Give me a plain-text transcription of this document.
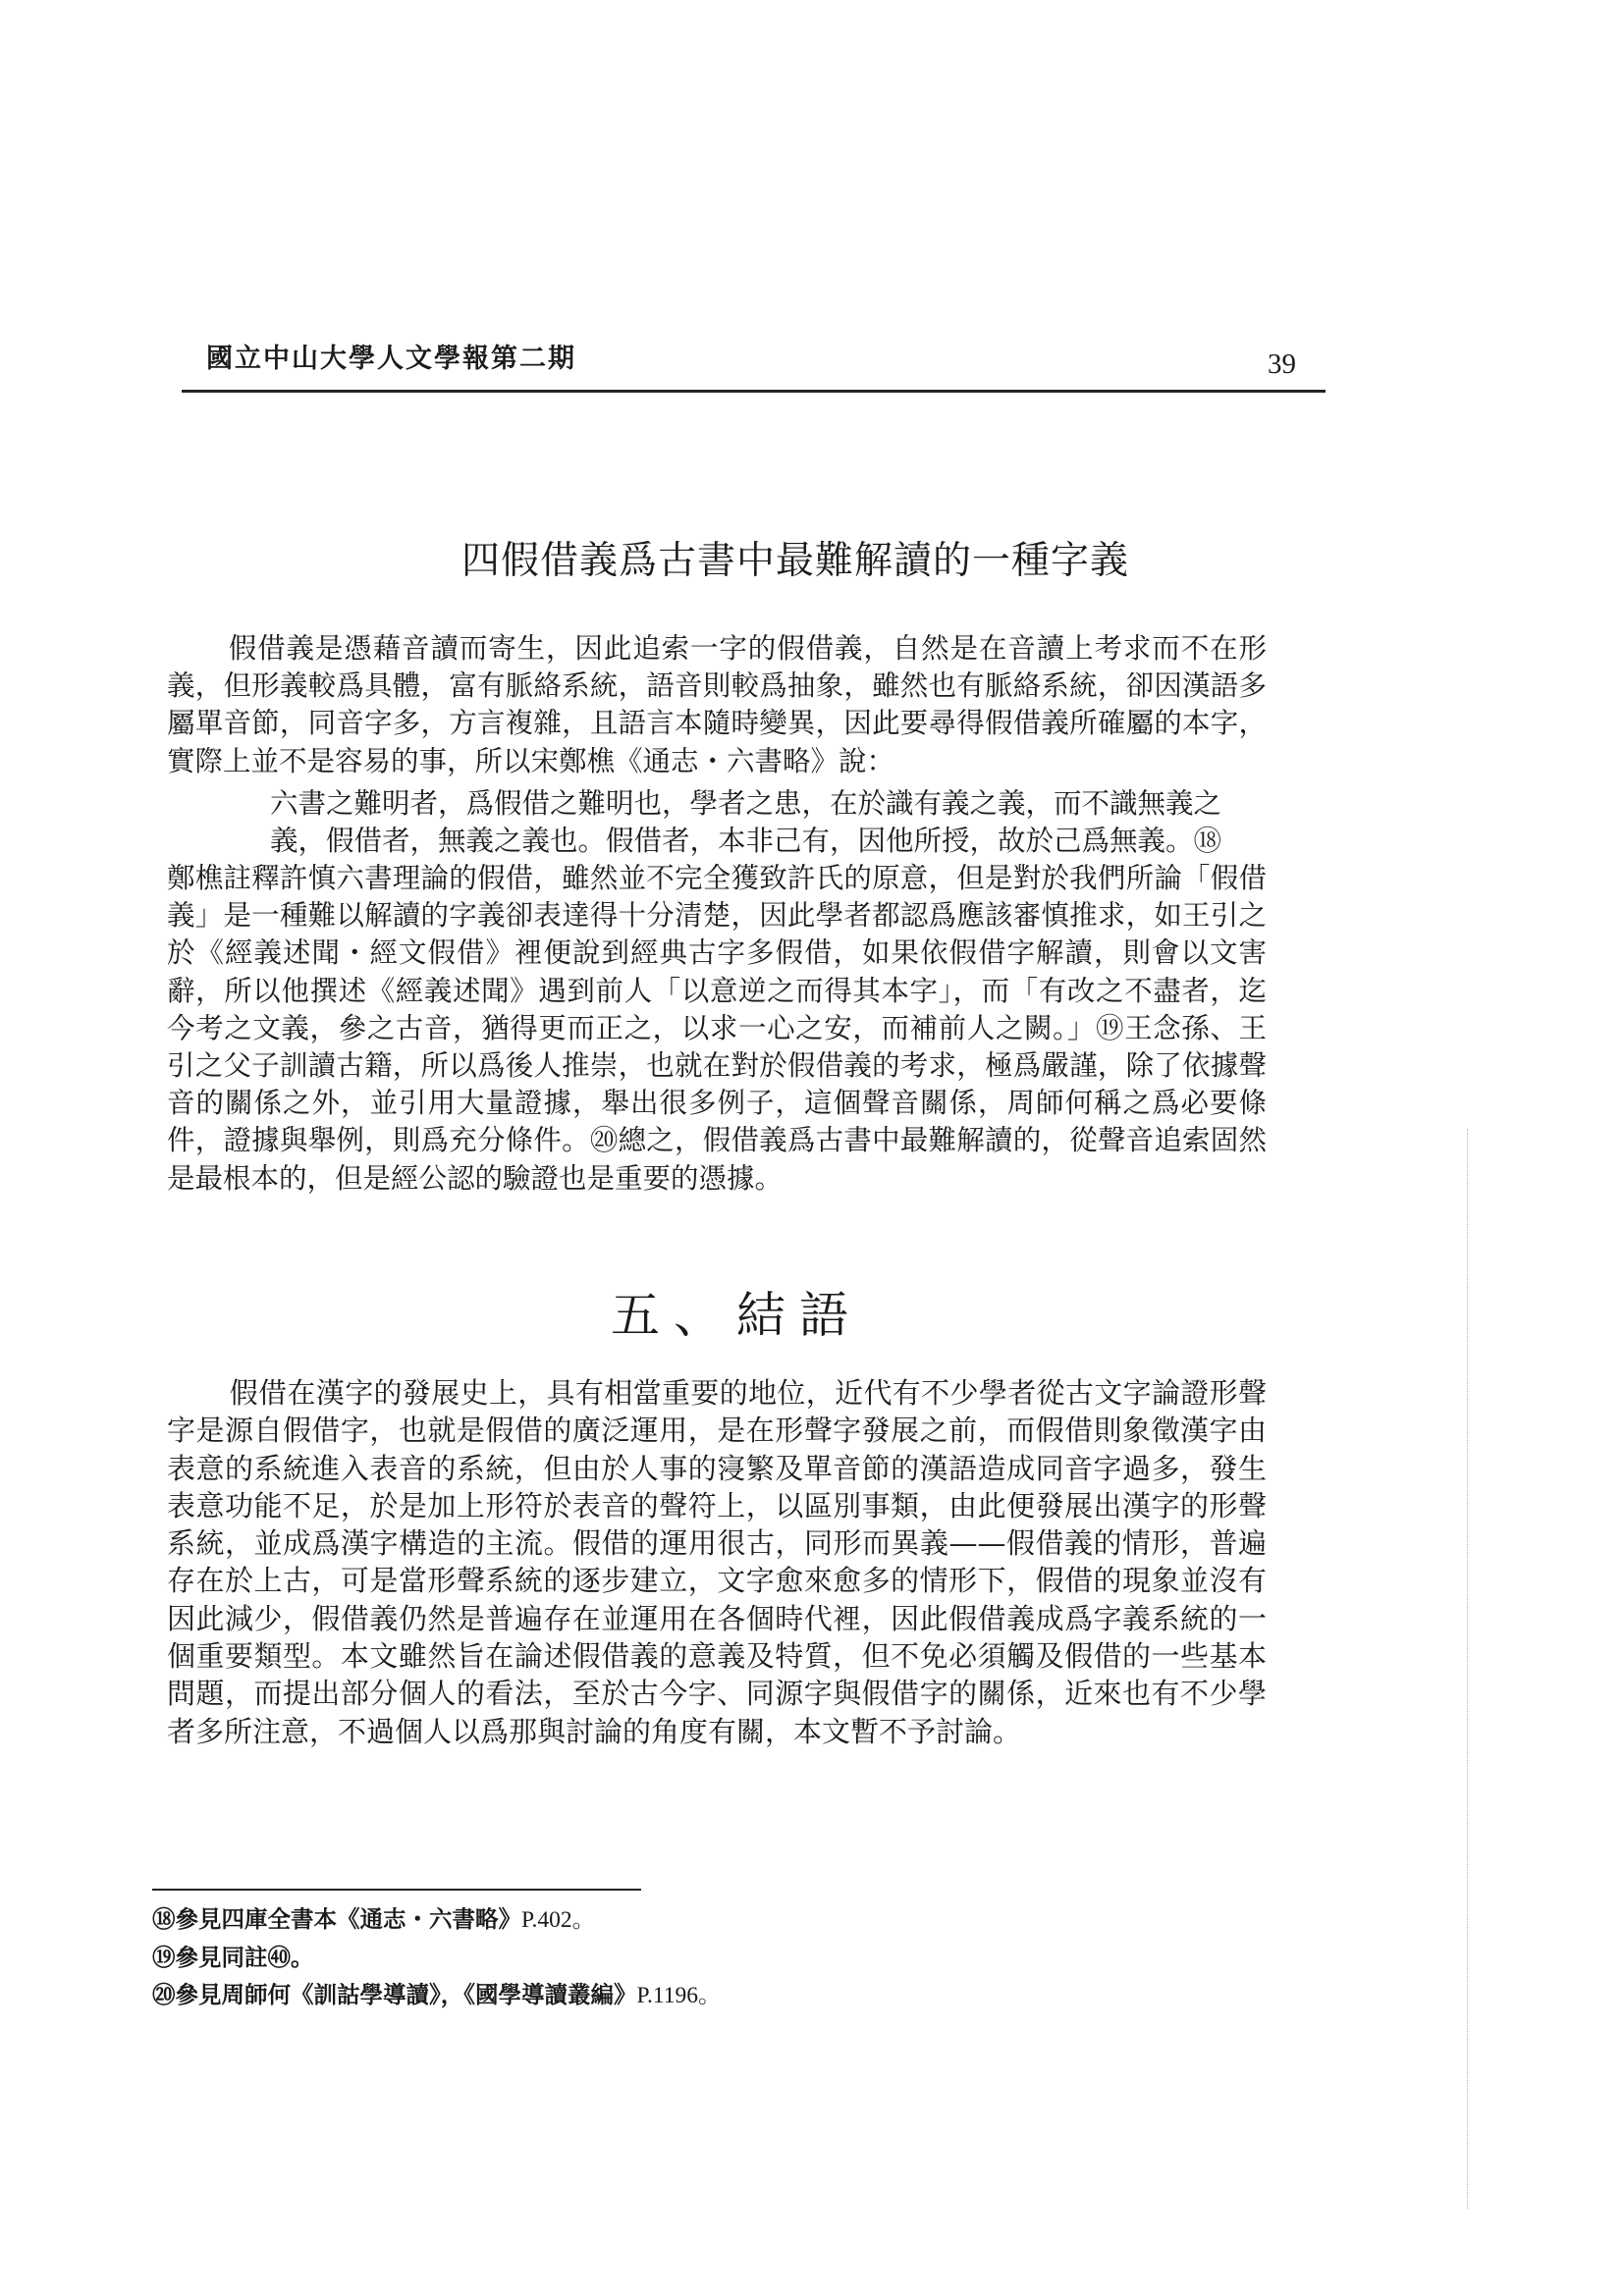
國立中山大學人文學報第二期	39
四假借義爲古書中最難解讀的一種字義

假借義是憑藉音讀而寄生，因此追索一字的假借義，自然是在音讀上考求而不在形義，但形義較爲具體，富有脈絡系統，語音則較爲抽象，雖然也有脈絡系統，卻因漢語多屬單音節，同音字多，方言複雜，且語言本隨時變異，因此要尋得假借義所確屬的本字，實際上並不是容易的事，所以宋鄭樵《通志・六書略》說：

六書之難明者，爲假借之難明也，學者之患，在於識有義之義，而不識無義之義，假借者，無義之義也。假借者，本非己有，因他所授，故於己爲無義。⑱

鄭樵註釋許慎六書理論的假借，雖然並不完全獲致許氏的原意，但是對於我們所論「假借義」是一種難以解讀的字義卻表達得十分清楚，因此學者都認爲應該審慎推求，如王引之於《經義述聞・經文假借》裡便說到經典古字多假借，如果依假借字解讀，則會以文害辭，所以他撰述《經義述聞》遇到前人「以意逆之而得其本字」，而「有改之不盡者，迄今考之文義，參之古音，猶得更而正之，以求一心之安，而補前人之闕。」⑲王念孫、王引之父子訓讀古籍，所以爲後人推崇，也就在對於假借義的考求，極爲嚴謹，除了依據聲音的關係之外，並引用大量證據，舉出很多例子，這個聲音關係，周師何稱之爲必要條件，證據與舉例，則爲充分條件。⑳總之，假借義爲古書中最難解讀的，從聲音追索固然是最根本的，但是經公認的驗證也是重要的憑據。

五、結語

假借在漢字的發展史上，具有相當重要的地位，近代有不少學者從古文字論證形聲字是源自假借字，也就是假借的廣泛運用，是在形聲字發展之前，而假借則象徵漢字由表意的系統進入表音的系統，但由於人事的寖繁及單音節的漢語造成同音字過多，發生表意功能不足，於是加上形符於表音的聲符上，以區別事類，由此便發展出漢字的形聲系統，並成爲漢字構造的主流。假借的運用很古，同形而異義——假借義的情形，普遍存在於上古，可是當形聲系統的逐步建立，文字愈來愈多的情形下，假借的現象並沒有因此減少，假借義仍然是普遍存在並運用在各個時代裡，因此假借義成爲字義系統的一個重要類型。本文雖然旨在論述假借義的意義及特質，但不免必須觸及假借的一些基本問題，而提出部分個人的看法，至於古今字、同源字與假借字的關係，近來也有不少學者多所注意，不過個人以爲那與討論的角度有關，本文暫不予討論。

⑱參見四庫全書本《通志・六書略》P.402。
⑲參見同註㊵。
⑳參見周師何《訓詁學導讀》，《國學導讀叢編》P.1196。
